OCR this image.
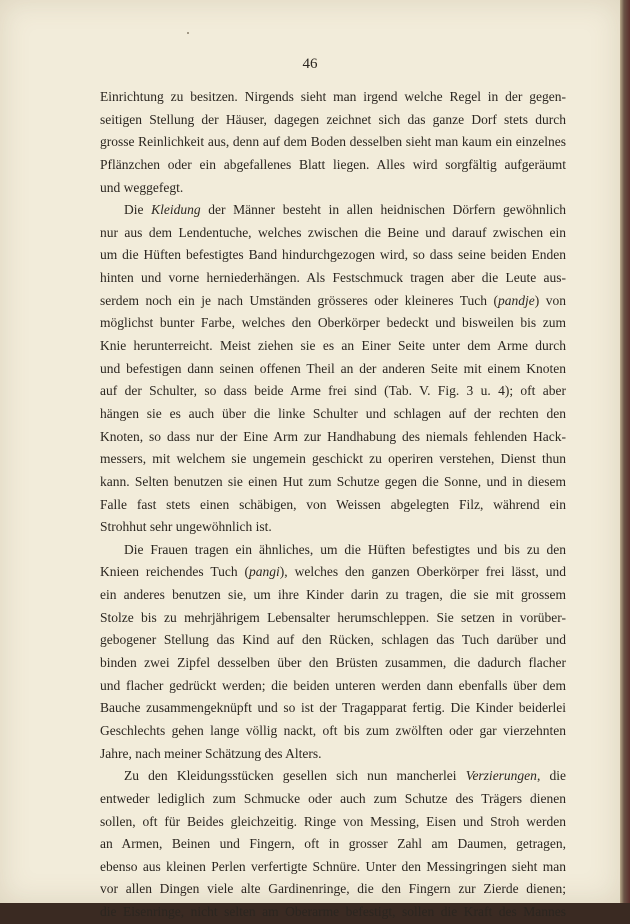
46
Einrichtung zu besitzen. Nirgends sieht man irgend welche Regel in der gegen-
seitigen Stellung der Häuser, dagegen zeichnet sich das ganze Dorf stets durch
grosse Reinlichkeit aus, denn auf dem Boden desselben sieht man kaum ein einzelnes
Pflänzchen oder ein abgefallenes Blatt liegen. Alles wird sorgfältig aufgeräumt
und weggefegt.
Die Kleidung der Männer besteht in allen heidnischen Dörfern gewöhnlich
nur aus dem Lendentuche, welches zwischen die Beine und darauf zwischen ein
um die Hüften befestigtes Band hindurchgezogen wird, so dass seine beiden Enden
hinten und vorne herniederhängen. Als Festschmuck tragen aber die Leute aus-
serdem noch ein je nach Umständen grösseres oder kleineres Tuch (pandje) von
möglichst bunter Farbe, welches den Oberkörper bedeckt und bisweilen bis zum
Knie herunterreicht. Meist ziehen sie es an Einer Seite unter dem Arme durch
und befestigen dann seinen offenen Theil an der anderen Seite mit einem Knoten
auf der Schulter, so dass beide Arme frei sind (Tab. V. Fig. 3 u. 4); oft aber
hängen sie es auch über die linke Schulter und schlagen auf der rechten den
Knoten, so dass nur der Eine Arm zur Handhabung des niemals fehlenden Hack-
messers, mit welchem sie ungemein geschickt zu operiren verstehen, Dienst thun
kann. Selten benutzen sie einen Hut zum Schutze gegen die Sonne, und in diesem
Falle fast stets einen schäbigen, von Weissen abgelegten Filz, während ein
Strohhut sehr ungewöhnlich ist.
Die Frauen tragen ein ähnliches, um die Hüften befestigtes und bis zu den
Knieen reichendes Tuch (pangi), welches den ganzen Oberkörper frei lässt, und
ein anderes benutzen sie, um ihre Kinder darin zu tragen, die sie mit grossem
Stolze bis zu mehrjährigem Lebensalter herumschleppen. Sie setzen in vorüber-
gebogener Stellung das Kind auf den Rücken, schlagen das Tuch darüber und
binden zwei Zipfel desselben über den Brüsten zusammen, die dadurch flacher
und flacher gedrückt werden; die beiden unteren werden dann ebenfalls über dem
Bauche zusammengeknüpft und so ist der Tragapparat fertig. Die Kinder beiderlei
Geschlechts gehen lange völlig nackt, oft bis zum zwölften oder gar vierzehnten
Jahre, nach meiner Schätzung des Alters.
Zu den Kleidungsstücken gesellen sich nun mancherlei Verzierungen, die
entweder lediglich zum Schmucke oder auch zum Schutze des Trägers dienen
sollen, oft für Beides gleichzeitig. Ringe von Messing, Eisen und Stroh werden
an Armen, Beinen und Fingern, oft in grosser Zahl am Daumen, getragen,
ebenso aus kleinen Perlen verfertigte Schnüre. Unter den Messingringen sieht man
vor allen Dingen viele alte Gardinenringe, die den Fingern zur Zierde dienen;
die Eisenringe, nicht selten am Oberarme befestigt, sollen die Kraft des Mannes
